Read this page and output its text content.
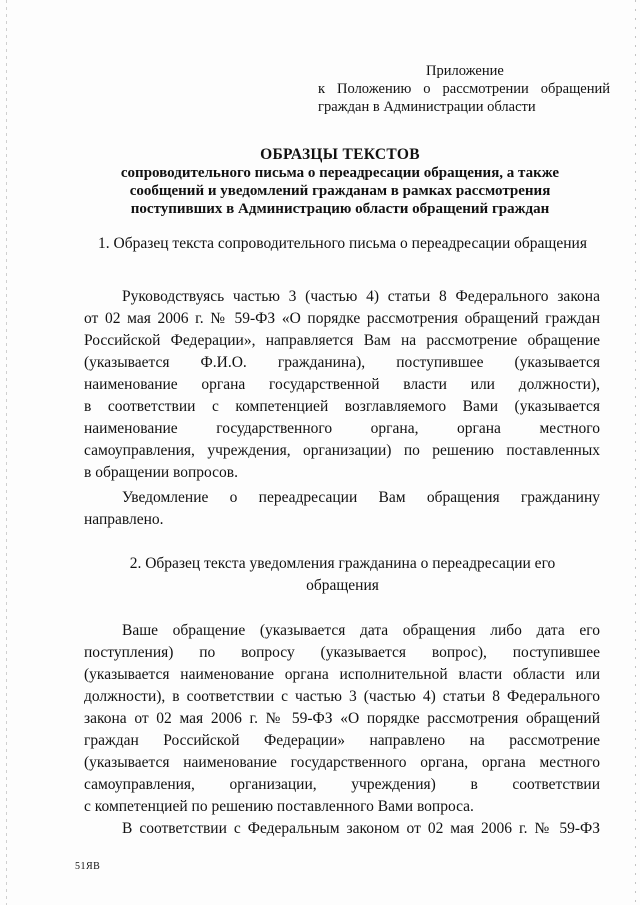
Приложение
к Положению о рассмотрении обращений
граждан в Администрации области
ОБРАЗЦЫ ТЕКСТОВ
сопроводительного письма о переадресации обращения, а также
сообщений и уведомлений гражданам в рамках рассмотрения
поступивших в Администрацию области обращений граждан
1. Образец текста сопроводительного письма о переадресации обращения
Руководствуясь частью 3 (частью 4) статьи 8 Федерального закона
от 02 мая 2006 г. № 59-ФЗ «О порядке рассмотрения обращений граждан
Российской Федерации», направляется Вам на рассмотрение обращение
(указывается Ф.И.О. гражданина), поступившее (указывается
наименование органа государственной власти или должности),
в соответствии с компетенцией возглавляемого Вами (указывается
наименование государственного органа, органа местного
самоуправления, учреждения, организации) по решению поставленных
в обращении вопросов.
Уведомление о переадресации Вам обращения гражданину
направлено.
2. Образец текста уведомления гражданина о переадресации его
обращения
Ваше обращение (указывается дата обращения либо дата его
поступления) по вопросу (указывается вопрос), поступившее
(указывается наименование органа исполнительной власти области или
должности), в соответствии с частью 3 (частью 4) статьи 8 Федерального
закона от 02 мая 2006 г. № 59-ФЗ «О порядке рассмотрения обращений
граждан Российской Федерации» направлено на рассмотрение
(указывается наименование государственного органа, органа местного
самоуправления, организации, учреждения) в соответствии
с компетенцией по решению поставленного Вами вопроса.
В соответствии с Федеральным законом от 02 мая 2006 г. № 59-ФЗ
51ЯВ
